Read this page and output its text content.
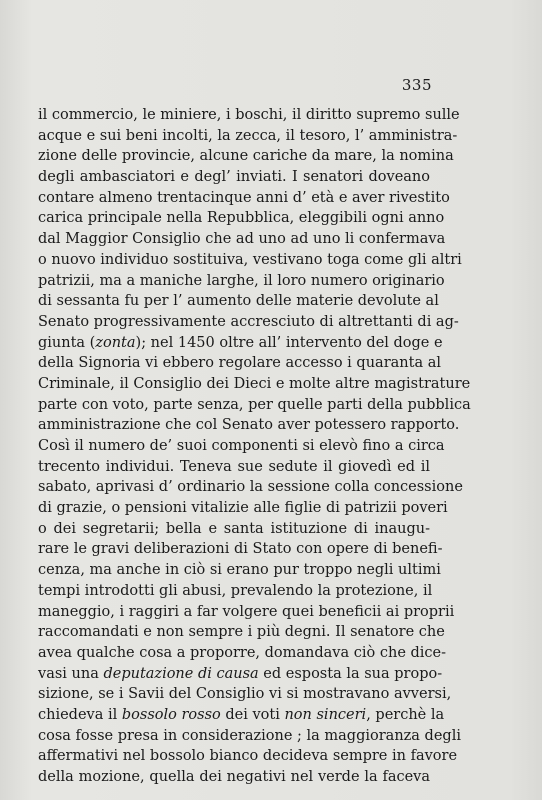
335
il commercio, le miniere, i boschi, il diritto supremo sulle
acque e sui beni incolti, la zecca, il tesoro, l’ amministra-
zione delle provincie, alcune cariche da mare, la nomina
degli ambasciatori e degl’ inviati. I senatori doveano
contare almeno trentacinque anni d’ età e aver rivestito
carica principale nella Repubblica, eleggibili ogni anno
dal Maggior Consiglio che ad uno ad uno li confermava
o nuovo individuo sostituiva, vestivano toga come gli altri
patrizii, ma a maniche larghe, il loro numero originario
di sessanta fu per l’ aumento delle materie devolute al
Senato progressivamente accresciuto di altrettanti di ag-
giunta (zonta); nel 1450 oltre all’ intervento del doge e
della Signoria vi ebbero regolare accesso i quaranta al
Criminale, il Consiglio dei Dieci e molte altre magistrature
parte con voto, parte senza, per quelle parti della pubblica
amministrazione che col Senato aver potessero rapporto.
Così il numero de’ suoi componenti si elevò fino a circa
trecento individui. Teneva sue sedute il giovedì ed il
sabato, aprivasi d’ ordinario la sessione colla concessione
di grazie, o pensioni vitalizie alle figlie di patrizii poveri
o dei segretarii; bella e santa istituzione di inaugu-
rare le gravi deliberazioni di Stato con opere di benefi-
cenza, ma anche in ciò si erano pur troppo negli ultimi
tempi introdotti gli abusi, prevalendo la protezione, il
maneggio, i raggiri a far volgere quei beneficii ai proprii
raccomandati e non sempre i più degni. Il senatore che
avea qualche cosa a proporre, domandava ciò che dice-
vasi una deputazione di causa ed esposta la sua propo-
sizione, se i Savii del Consiglio vi si mostravano avversi,
chiedeva il bossolo rosso dei voti non sinceri, perchè la
cosa fosse presa in considerazione ; la maggioranza degli
affermativi nel bossolo bianco decideva sempre in favore
della mozione, quella dei negativi nel verde la faceva
